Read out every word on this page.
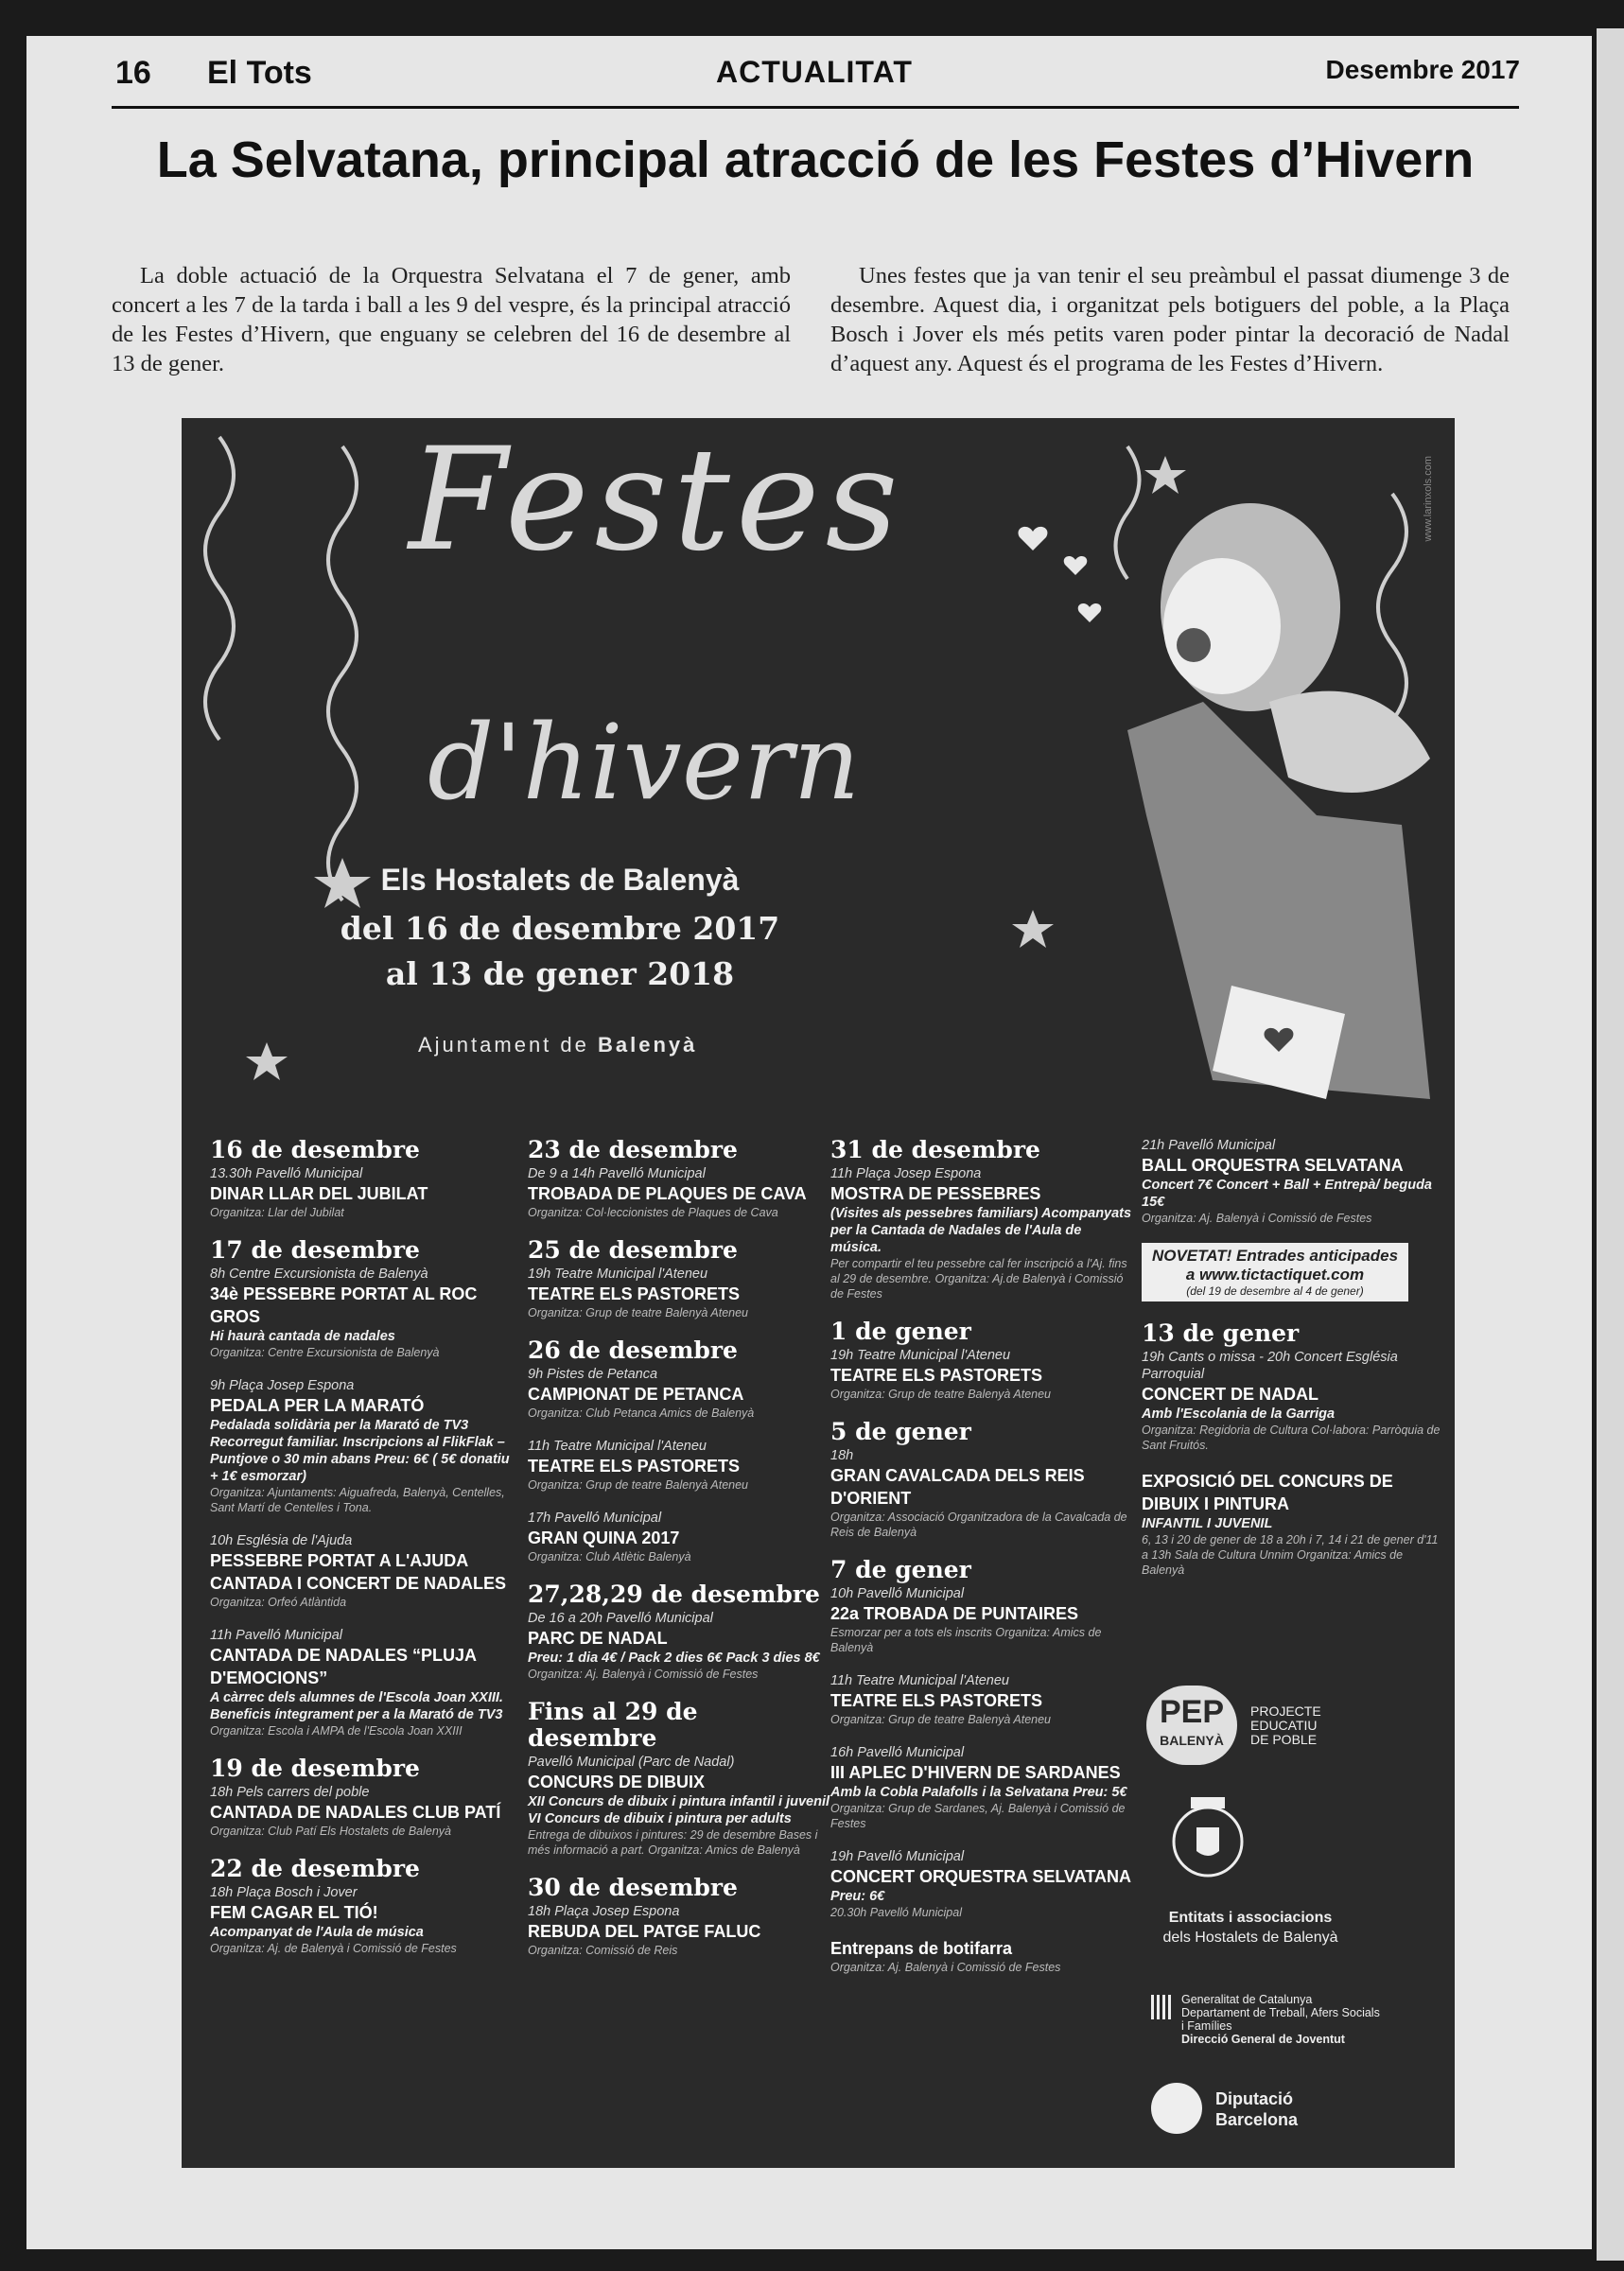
16 El Tots	ACTUALITAT	Desembre 2017
La Selvatana, principal atracció de les Festes d’Hivern

La doble actuació de la Orquestra Selvatana el 7 de gener, amb concert a les 7 de la tarda i ball a les 9 del vespre, és la principal atracció de les Festes d’Hivern, que enguany se celebren del 16 de desembre al 13 de gener.

Unes festes que ja van tenir el seu preàmbul el passat diumenge 3 de desembre. Aquest dia, i organitzat pels botiguers del poble, a la Plaça Bosch i Jover els més petits varen poder pintar la decoració de Nadal d’aquest any. Aquest és el programa de les Festes d’Hivern.

Festes
d'hivern
www.larinxols.com
Els Hostalets de Balenyà
del 16 de desembre 2017
al 13 de gener 2018
Ajuntament de Balenyà
16 de desembre
13.30h Pavelló Municipal
DINAR LLAR DEL JUBILAT
Organitza: Llar del Jubilat
17 de desembre
8h Centre Excursionista de Balenyà
34è PESSEBRE PORTAT AL ROC GROS
Hi haurà cantada de nadales
Organitza: Centre Excursionista de Balenyà
9h Plaça Josep Espona
PEDALA PER LA MARATÓ
Pedalada solidària per la Marató de TV3 Recorregut familiar. Inscripcions al FlikFlak – Puntjove o 30 min abans Preu: 6€ ( 5€ donatiu + 1€ esmorzar)
Organitza: Ajuntaments: Aiguafreda, Balenyà, Centelles, Sant Martí de Centelles i Tona.
10h Església de l'Ajuda
PESSEBRE PORTAT A L'AJUDA CANTADA I CONCERT DE NADALES
Organitza: Orfeó Atlàntida
11h Pavelló Municipal
CANTADA DE NADALES “PLUJA D'EMOCIONS”
A càrrec dels alumnes de l'Escola Joan XXIII. Beneficis íntegrament per a la Marató de TV3
Organitza: Escola i AMPA de l'Escola Joan XXIII
19 de desembre
18h Pels carrers del poble
CANTADA DE NADALES CLUB PATÍ
Organitza: Club Patí Els Hostalets de Balenyà
22 de desembre
18h Plaça Bosch i Jover
FEM CAGAR EL TIÓ!
Acompanyat de l'Aula de música
Organitza: Aj. de Balenyà i Comissió de Festes
23 de desembre
De 9 a 14h Pavelló Municipal
TROBADA DE PLAQUES DE CAVA
Organitza: Col·leccionistes de Plaques de Cava
25 de desembre
19h Teatre Municipal l'Ateneu
TEATRE ELS PASTORETS
Organitza: Grup de teatre Balenyà Ateneu
26 de desembre
9h Pistes de Petanca
CAMPIONAT DE PETANCA
Organitza: Club Petanca Amics de Balenyà
11h Teatre Municipal l'Ateneu
TEATRE ELS PASTORETS
Organitza: Grup de teatre Balenyà Ateneu
17h Pavelló Municipal
GRAN QUINA 2017
Organitza: Club Atlètic Balenyà
27,28,29 de desembre
De 16 a 20h Pavelló Municipal
PARC DE NADAL
Preu: 1 dia 4€ / Pack 2 dies 6€ Pack 3 dies 8€
Organitza: Aj. Balenyà i Comissió de Festes
Fins al 29 de desembre
Pavelló Municipal (Parc de Nadal)
CONCURS DE DIBUIX
XII Concurs de dibuix i pintura infantil i juvenil VI Concurs de dibuix i pintura per adults
Entrega de dibuixos i pintures: 29 de desembre Bases i més informació a part. Organitza: Amics de Balenyà
30 de desembre
18h Plaça Josep Espona
REBUDA DEL PATGE FALUC
Organitza: Comissió de Reis
31 de desembre
11h Plaça Josep Espona
MOSTRA DE PESSEBRES
(Visites als pessebres familiars) Acompanyats per la Cantada de Nadales de l'Aula de música.
Per compartir el teu pessebre cal fer inscripció a l'Aj. fins al 29 de desembre. Organitza: Aj.de Balenyà i Comissió de Festes
1 de gener
19h Teatre Municipal l'Ateneu
TEATRE ELS PASTORETS
Organitza: Grup de teatre Balenyà Ateneu
5 de gener
18h
GRAN CAVALCADA DELS REIS D'ORIENT
Organitza: Associació Organitzadora de la Cavalcada de Reis de Balenyà
7 de gener
10h Pavelló Municipal
22a TROBADA DE PUNTAIRES
Esmorzar per a tots els inscrits Organitza: Amics de Balenyà
11h Teatre Municipal l'Ateneu
TEATRE ELS PASTORETS
Organitza: Grup de teatre Balenyà Ateneu
16h Pavelló Municipal
III APLEC D'HIVERN DE SARDANES
Amb la Cobla Palafolls i la Selvatana Preu: 5€
Organitza: Grup de Sardanes, Aj. Balenyà i Comissió de Festes
19h Pavelló Municipal
CONCERT ORQUESTRA SELVATANA
Preu: 6€
20.30h Pavelló Municipal
Entrepans de botifarra
Organitza: Aj. Balenyà i Comissió de Festes
21h Pavelló Municipal
BALL ORQUESTRA SELVATANA
Concert 7€ Concert + Ball + Entrepà/ beguda 15€
Organitza: Aj. Balenyà i Comissió de Festes
NOVETAT! Entrades anticipades
a www.tictactiquet.com
(del 19 de desembre al 4 de gener)
13 de gener
19h Cants o missa - 20h Concert Església Parroquial
CONCERT DE NADAL
Amb l'Escolania de la Garriga
Organitza: Regidoria de Cultura Col·labora: Parròquia de Sant Fruitós.
EXPOSICIÓ DEL CONCURS DE DIBUIX I PINTURA
INFANTIL I JUVENIL
6, 13 i 20 de gener de 18 a 20h i 7, 14 i 21 de gener d'11 a 13h Sala de Cultura Unnim Organitza: Amics de Balenyà
PEP
BALENYÀ
PROJECTE
EDUCATIU
DE POBLE
Entitats i associacions
dels Hostalets de Balenyà
Generalitat de Catalunya
Departament de Treball, Afers Socials
i Famílies
Direcció General de Joventut
Diputació
Barcelona
